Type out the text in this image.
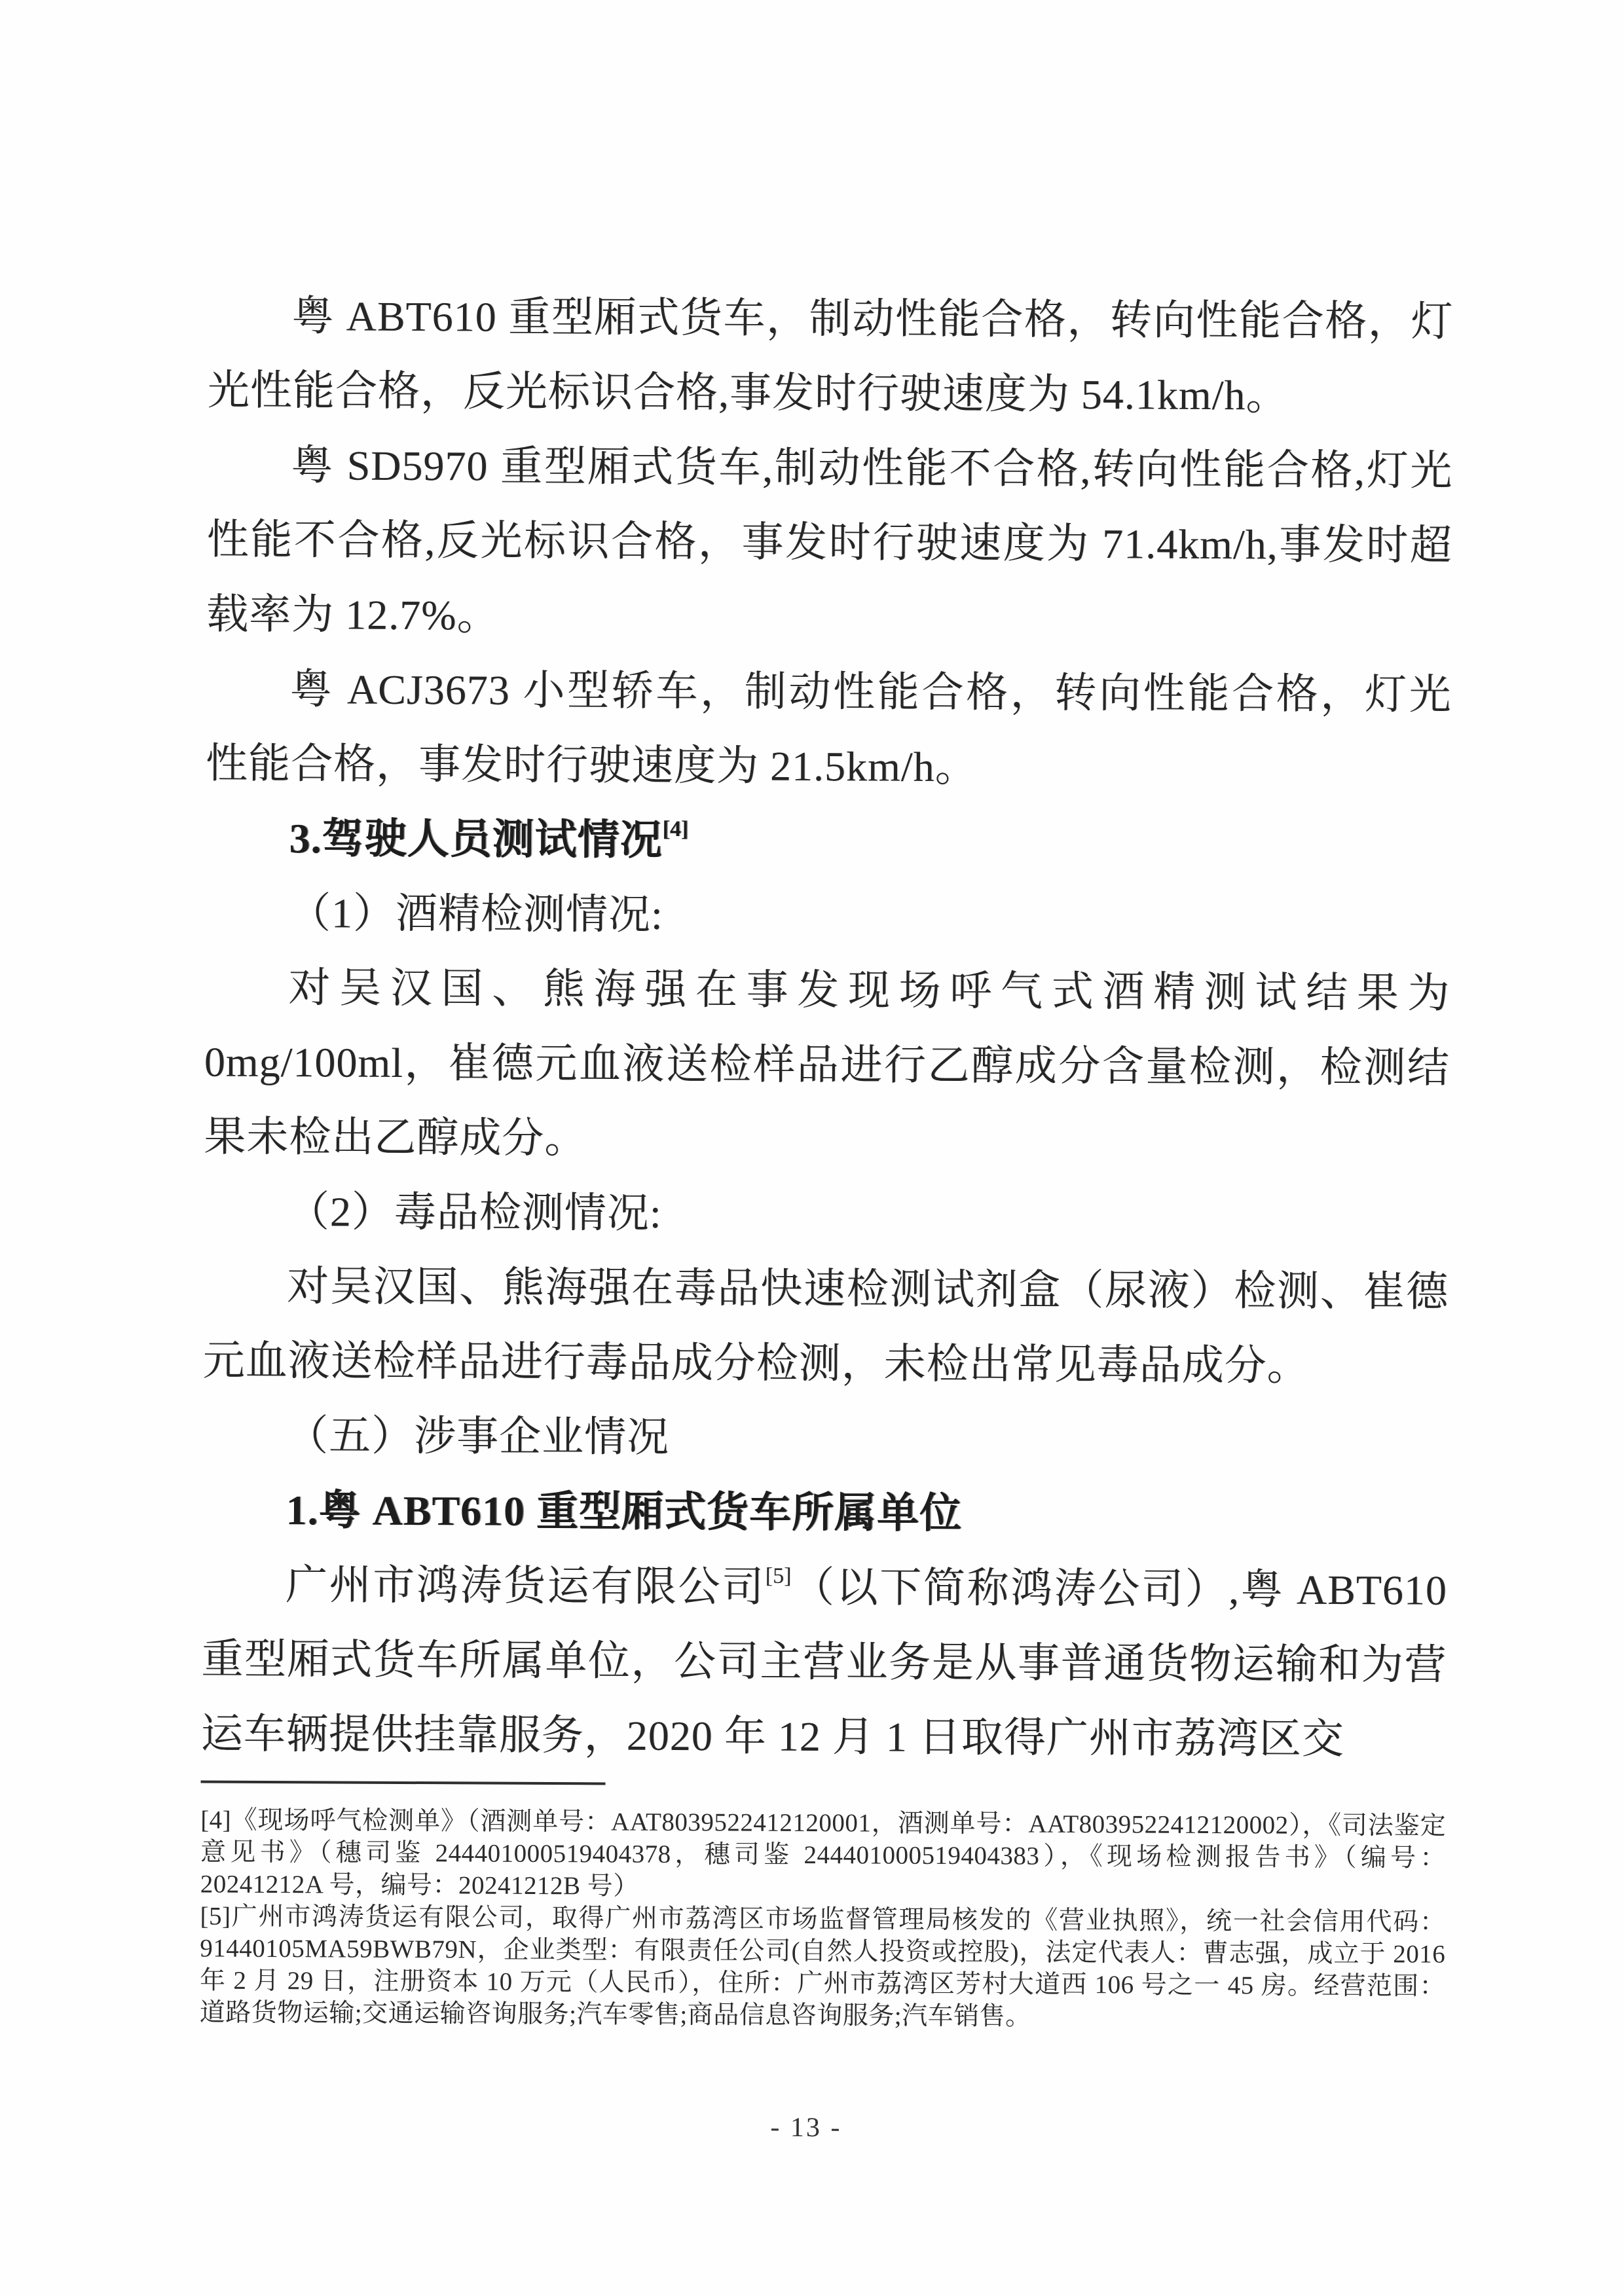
粤 ABT610 重型厢式货车，制动性能合格，转向性能合格，灯光性能合格，反光标识合格,事发时行驶速度为 54.1km/h。

粤 SD5970 重型厢式货车,制动性能不合格,转向性能合格,灯光性能不合格,反光标识合格，事发时行驶速度为 71.4km/h,事发时超载率为 12.7%。

粤 ACJ3673 小型轿车，制动性能合格，转向性能合格，灯光性能合格，事发时行驶速度为 21.5km/h。

3.驾驶人员测试情况[4]

（1）酒精检测情况:

对吴汉国、熊海强在事发现场呼气式酒精测试结果为 0mg/100ml，崔德元血液送检样品进行乙醇成分含量检测，检测结果未检出乙醇成分。

（2）毒品检测情况:

对吴汉国、熊海强在毒品快速检测试剂盒（尿液）检测、崔德元血液送检样品进行毒品成分检测，未检出常见毒品成分。

（五）涉事企业情况

1.粤 ABT610 重型厢式货车所属单位

广州市鸿涛货运有限公司[5]（以下简称鸿涛公司）,粤 ABT610 重型厢式货车所属单位，公司主营业务是从事普通货物运输和为营运车辆提供挂靠服务，2020 年 12 月 1 日取得广州市荔湾区交

[4]《现场呼气检测单》（酒测单号：AAT8039522412120001，酒测单号：AAT8039522412120002），《司法鉴定意见书》（穗司鉴 244401000519404378，穗司鉴 244401000519404383），《现场检测报告书》（编号：20241212A 号，编号：20241212B 号）

[5]广州市鸿涛货运有限公司，取得广州市荔湾区市场监督管理局核发的《营业执照》，统一社会信用代码：91440105MA59BWB79N，企业类型：有限责任公司(自然人投资或控股)，法定代表人：曹志强，成立于 2016 年 2 月 29 日，注册资本 10 万元（人民币），住所：广州市荔湾区芳村大道西 106 号之一 45 房。经营范围：道路货物运输;交通运输咨询服务;汽车零售;商品信息咨询服务;汽车销售。

- 13 -
